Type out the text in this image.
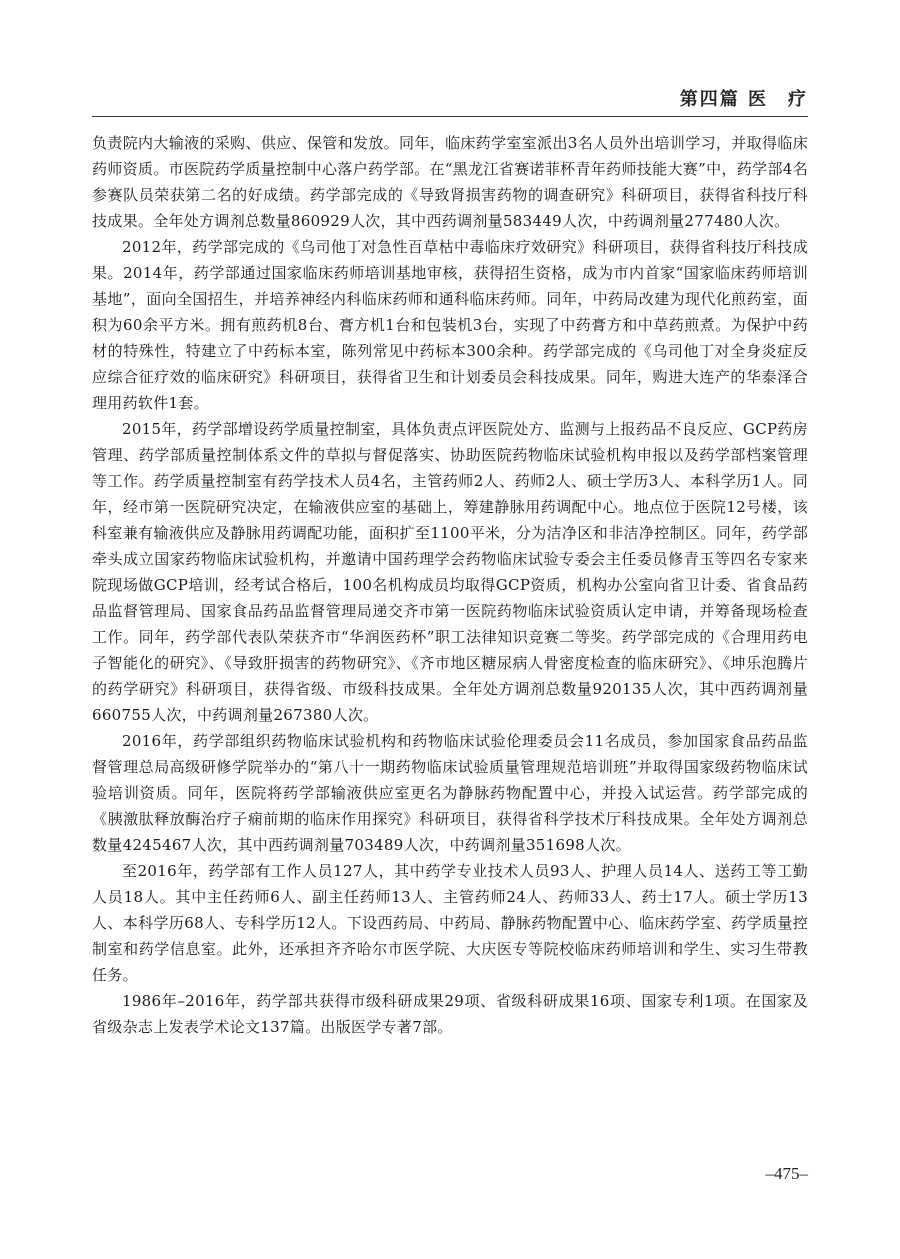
第四篇 医　疗

负责院内大输液的采购、供应、保管和发放。同年，临床药学室室派出3名人员外出培训学习，并取得临床药师资质。市医院药学质量控制中心落户药学部。在“黑龙江省赛诺菲杯青年药师技能大赛”中，药学部4名参赛队员荣获第二名的好成绩。药学部完成的《导致肾损害药物的调查研究》科研项目，获得省科技厅科技成果。全年处方调剂总数量860929人次，其中西药调剂量583449人次，中药调剂量277480人次。

2012年，药学部完成的《乌司他丁对急性百草枯中毒临床疗效研究》科研项目，获得省科技厅科技成果。2014年，药学部通过国家临床药师培训基地审核，获得招生资格，成为市内首家“国家临床药师培训基地”，面向全国招生，并培养神经内科临床药师和通科临床药师。同年，中药局改建为现代化煎药室，面积为60余平方米。拥有煎药机8台、膏方机1台和包装机3台，实现了中药膏方和中草药煎煮。为保护中药材的特殊性，特建立了中药标本室，陈列常见中药标本300余种。药学部完成的《乌司他丁对全身炎症反应综合征疗效的临床研究》科研项目，获得省卫生和计划委员会科技成果。同年，购进大连产的华泰泽合理用药软件1套。

2015年，药学部增设药学质量控制室，具体负责点评医院处方、监测与上报药品不良反应、GCP药房管理、药学部质量控制体系文件的草拟与督促落实、协助医院药物临床试验机构申报以及药学部档案管理等工作。药学质量控制室有药学技术人员4名，主管药师2人、药师2人、硕士学历3人、本科学历1人。同年，经市第一医院研究决定，在输液供应室的基础上，筹建静脉用药调配中心。地点位于医院12号楼，该科室兼有输液供应及静脉用药调配功能，面积扩至1100平米，分为洁净区和非洁净控制区。同年，药学部牵头成立国家药物临床试验机构，并邀请中国药理学会药物临床试验专委会主任委员修青玉等四名专家来院现场做GCP培训，经考试合格后，100名机构成员均取得GCP资质，机构办公室向省卫计委、省食品药品监督管理局、国家食品药品监督管理局递交齐市第一医院药物临床试验资质认定申请，并筹备现场检查工作。同年，药学部代表队荣获齐市“华润医药杯”职工法律知识竞赛二等奖。药学部完成的《合理用药电子智能化的研究》、《导致肝损害的药物研究》、《齐市地区糖尿病人骨密度检查的临床研究》、《坤乐泡腾片的药学研究》科研项目，获得省级、市级科技成果。全年处方调剂总数量920135人次，其中西药调剂量660755人次，中药调剂量267380人次。

2016年，药学部组织药物临床试验机构和药物临床试验伦理委员会11名成员，参加国家食品药品监督管理总局高级研修学院举办的“第八十一期药物临床试验质量管理规范培训班”并取得国家级药物临床试验培训资质。同年，医院将药学部输液供应室更名为静脉药物配置中心，并投入试运营。药学部完成的《胰激肽释放酶治疗子痫前期的临床作用探究》科研项目，获得省科学技术厅科技成果。全年处方调剂总数量4245467人次，其中西药调剂量703489人次，中药调剂量351698人次。

至2016年，药学部有工作人员127人，其中药学专业技术人员93人、护理人员14人、送药工等工勤人员18人。其中主任药师6人、副主任药师13人、主管药师24人、药师33人、药士17人。硕士学历13人、本科学历68人、专科学历12人。下设西药局、中药局、静脉药物配置中心、临床药学室、药学质量控制室和药学信息室。此外，还承担齐齐哈尔市医学院、大庆医专等院校临床药师培训和学生、实习生带教任务。

1986年–2016年，药学部共获得市级科研成果29项、省级科研成果16项、国家专利1项。在国家及省级杂志上发表学术论文137篇。出版医学专著7部。

–475–
